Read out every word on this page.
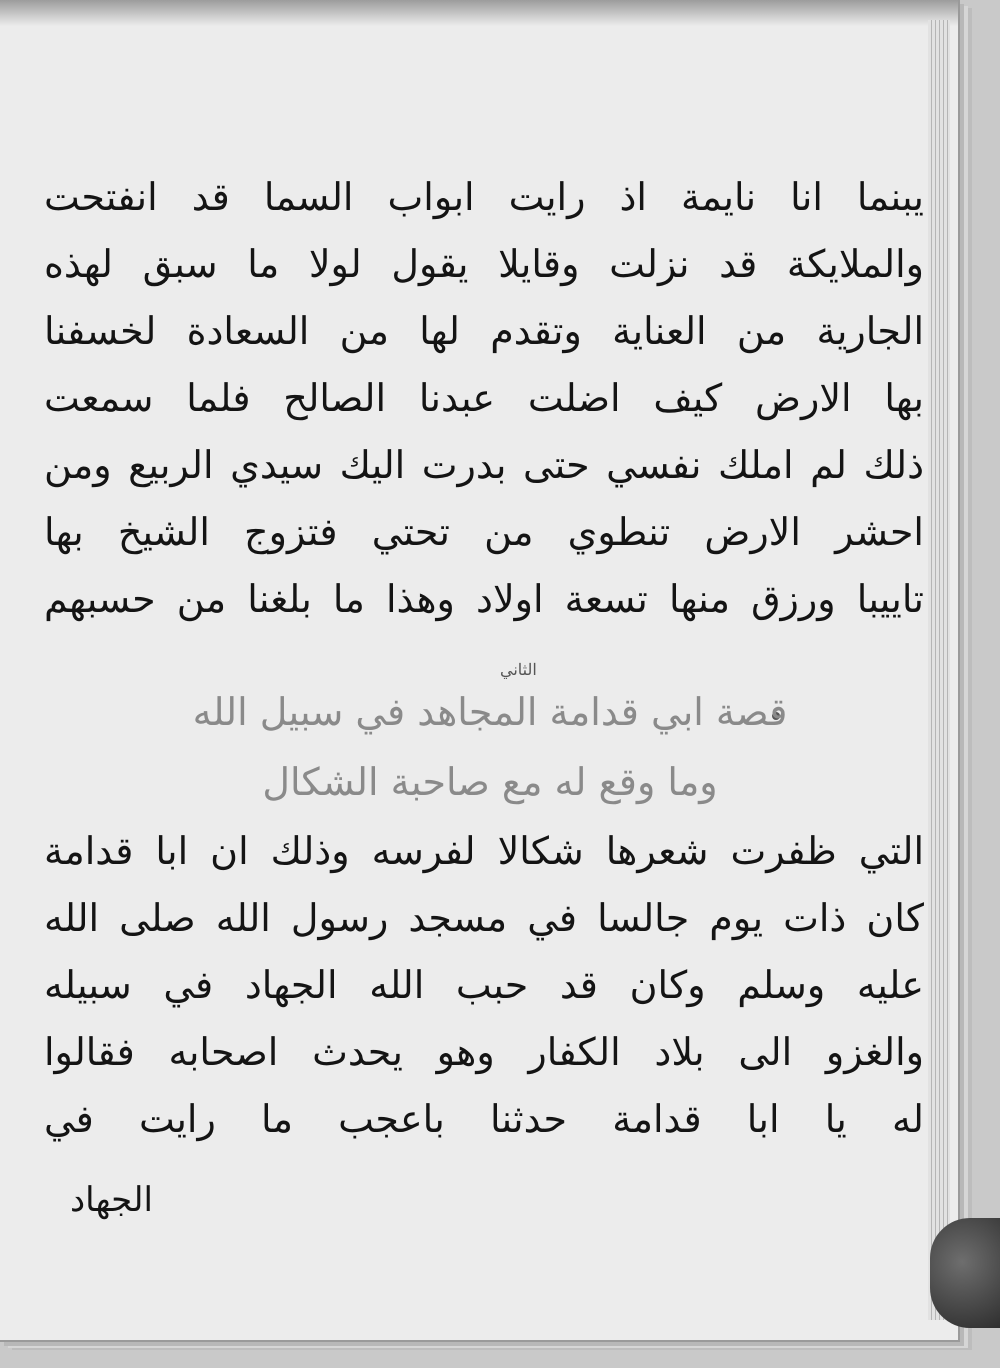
يبنما انا نايمة اذ رايت ابواب السما قد انفتحت
والملايكة قد نزلت وقايلا يقول لولا ما سبق لهذه
الجارية من العناية وتقدم لها من السعادة لخسفنا
بها الارض كيف اضلت عبدنا الصالح فلما سمعت
ذلك لم املك نفسي حتى بدرت اليك سيدي الربيع ومن
احشر الارض تنطوي من تحتي فتزوج الشيخ بها
تاييبا ورزق منها تسعة اولاد وهذا ما بلغنا من حسبهم
الثاني
قصة ابي قدامة المجاهد في سبيل الله
وما وقع له مع صاحبة الشكال
التي ظفرت شعرها شكالا لفرسه وذلك ان ابا قدامة
كان ذات يوم جالسا في مسجد رسول الله صلى الله
عليه وسلم وكان قد حبب الله الجهاد في سبيله
والغزو الى بلاد الكفار وهو يحدث اصحابه فقالوا
له يا ابا قدامة حدثنا باعجب ما رايت في
الجهاد
